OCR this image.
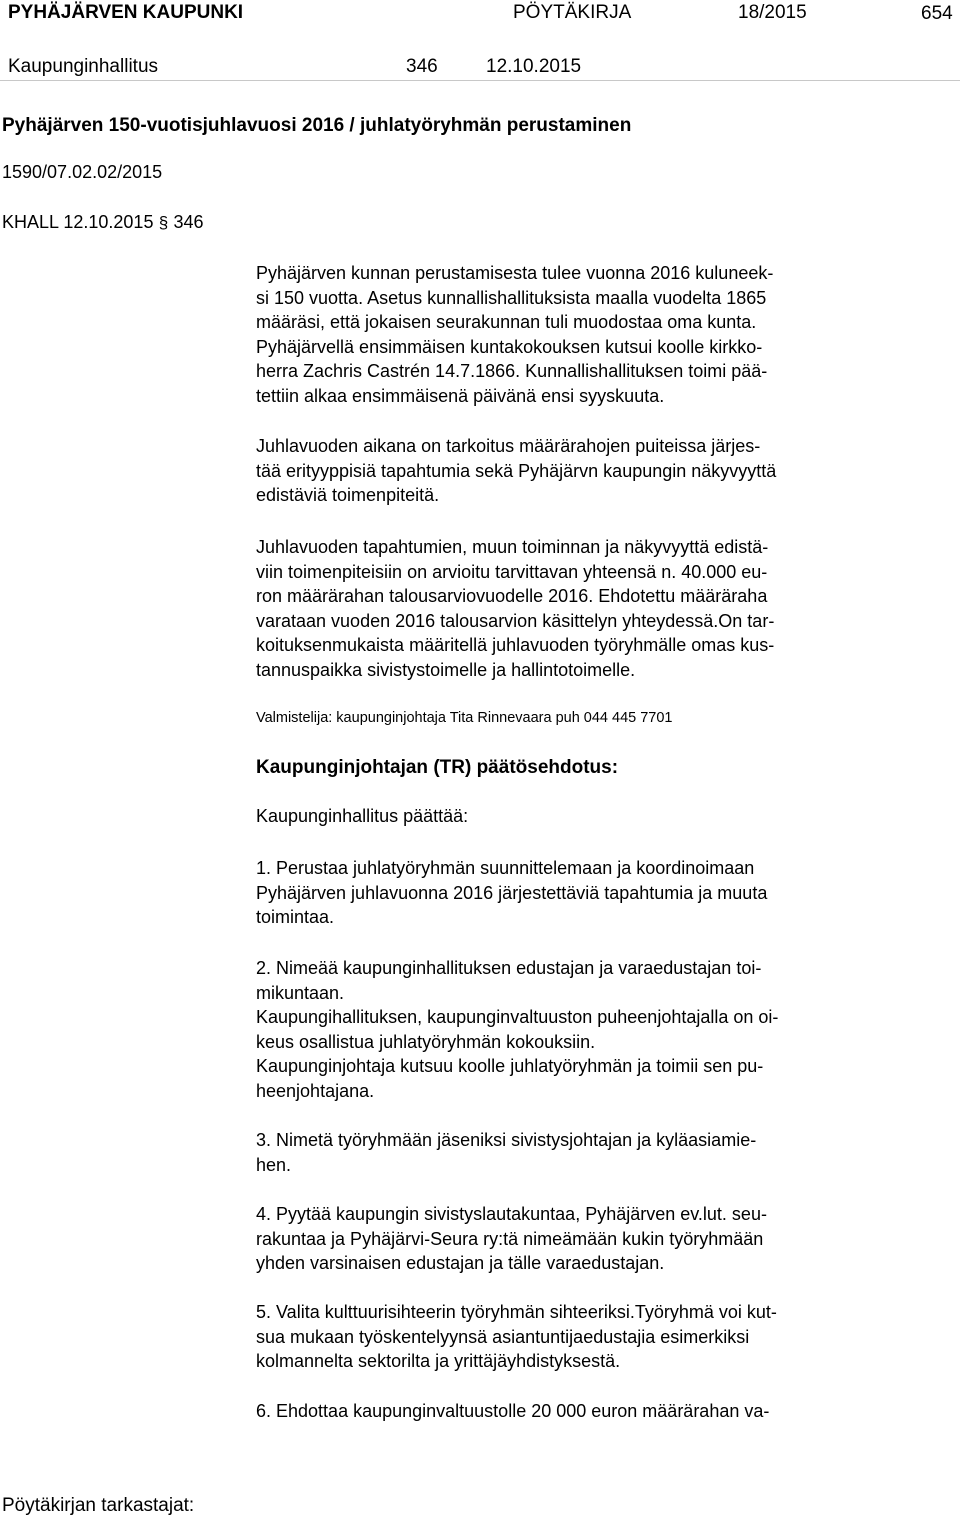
PYHÄJÄRVEN KAUPUNKI	PÖYTÄKIRJA	18/2015	654
Kaupunginhallitus	346	12.10.2015
Pyhäjärven 150-vuotisjuhlavuosi 2016 / juhlatyöryhmän perustaminen
1590/07.02.02/2015
KHALL 12.10.2015 § 346
Pyhäjärven kunnan perustamisesta tulee vuonna 2016 kuluneek-
si 150 vuotta. Asetus kunnallishallituksista maalla vuodelta 1865
määräsi, että jokaisen seurakunnan tuli muodostaa oma kunta.
Pyhäjärvellä ensimmäisen kuntakokouksen kutsui koolle kirkko-
herra Zachris Castrén 14.7.1866. Kunnallishallituksen toimi pää-
tettiin alkaa ensimmäisenä päivänä ensi syyskuuta.
Juhlavuoden aikana on tarkoitus määrärahojen puiteissa järjes-
tää erityyppisiä tapahtumia sekä Pyhäjärvn kaupungin näkyvyyttä
edistäviä toimenpiteitä.
Juhlavuoden tapahtumien, muun toiminnan ja näkyvyyttä edistä-
viin toimenpiteisiin on arvioitu tarvittavan yhteensä n. 40.000 eu-
ron määrärahan talousarviovuodelle 2016. Ehdotettu määräraha
varataan vuoden 2016 talousarvion käsittelyn yhteydessä.On tar-
koituksenmukaista määritellä juhlavuoden työryhmälle omas kus-
tannuspaikka sivistystoimelle ja hallintotoimelle.
Valmistelija: kaupunginjohtaja Tita Rinnevaara puh 044 445 7701
Kaupunginjohtajan (TR) päätösehdotus:
Kaupunginhallitus päättää:
1. Perustaa juhlatyöryhmän suunnittelemaan ja koordinoimaan
Pyhäjärven juhlavuonna 2016 järjestettäviä tapahtumia ja muuta
toimintaa.
2. Nimeää kaupunginhallituksen edustajan ja varaedustajan toi-
mikuntaan.
Kaupungihallituksen, kaupunginvaltuuston puheenjohtajalla on oi-
keus osallistua juhlatyöryhmän kokouksiin.
Kaupunginjohtaja kutsuu koolle juhlatyöryhmän ja toimii sen pu-
heenjohtajana.
3. Nimetä työryhmään jäseniksi sivistysjohtajan ja kyläasiamie-
hen.
4. Pyytää kaupungin sivistyslautakuntaa, Pyhäjärven ev.lut. seu-
rakuntaa ja Pyhäjärvi-Seura ry:tä nimeämään kukin työryhmään
yhden varsinaisen edustajan ja tälle varaedustajan.
5. Valita kulttuurisihteerin työryhmän sihteeriksi.Työryhmä voi kut-
sua mukaan työskentelyynsä asiantuntijaedustajia esimerkiksi
kolmannelta sektorilta ja yrittäjäyhdistyksestä.
6. Ehdottaa kaupunginvaltuustolle 20 000 euron määrärahan va-
Pöytäkirjan tarkastajat:
